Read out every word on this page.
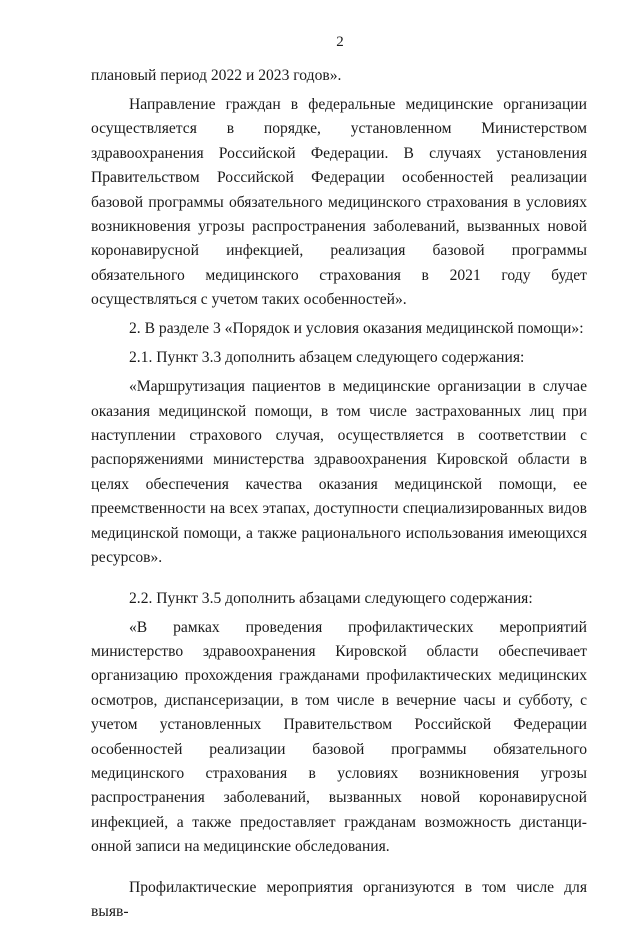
2

плановый период 2022 и 2023 годов».

Направление граждан в федеральные медицинские организации осуществляется в порядке, установленном Министерством здравоохранения Российской Федерации. В случаях установления Правительством Российской Федерации особенностей реализации базовой программы обязательного медицинского страхования в условиях возникновения угрозы распространения заболеваний, вызванных новой коронавирусной инфекцией, реализация базовой программы обязательного медицинского страхования в 2021 году будет осуществляться с учетом таких особенностей».

2. В разделе 3 «Порядок и условия оказания медицинской помощи»:

2.1. Пункт 3.3 дополнить абзацем следующего содержания:

«Маршрутизация пациентов в медицинские организации в случае оказания медицинской помощи, в том числе застрахованных лиц при наступлении страхового случая, осуществляется в соответствии с распоряжениями министерства здравоохранения Кировской области в целях обеспечения качества оказания медицинской помощи, ее преемственности на всех этапах, доступности специализированных видов медицинской помощи, а также рационального использования имеющихся ресурсов».

2.2. Пункт 3.5 дополнить абзацами следующего содержания:

«В рамках проведения профилактических мероприятий министерство здравоохранения Кировской области обеспечивает организацию прохождения гражданами профилактических медицинских осмотров, диспансеризации, в том числе в вечерние часы и субботу, с учетом установленных Правительством Российской Федерации особенностей реализации базовой программы обязательного медицинского страхования в условиях возникновения угрозы распространения заболеваний, вызванных новой коронавирусной инфекцией, а также предоставляет гражданам возможность дистанционной записи на медицинские обследования.

Профилактические мероприятия организуются в том числе для выяв-
